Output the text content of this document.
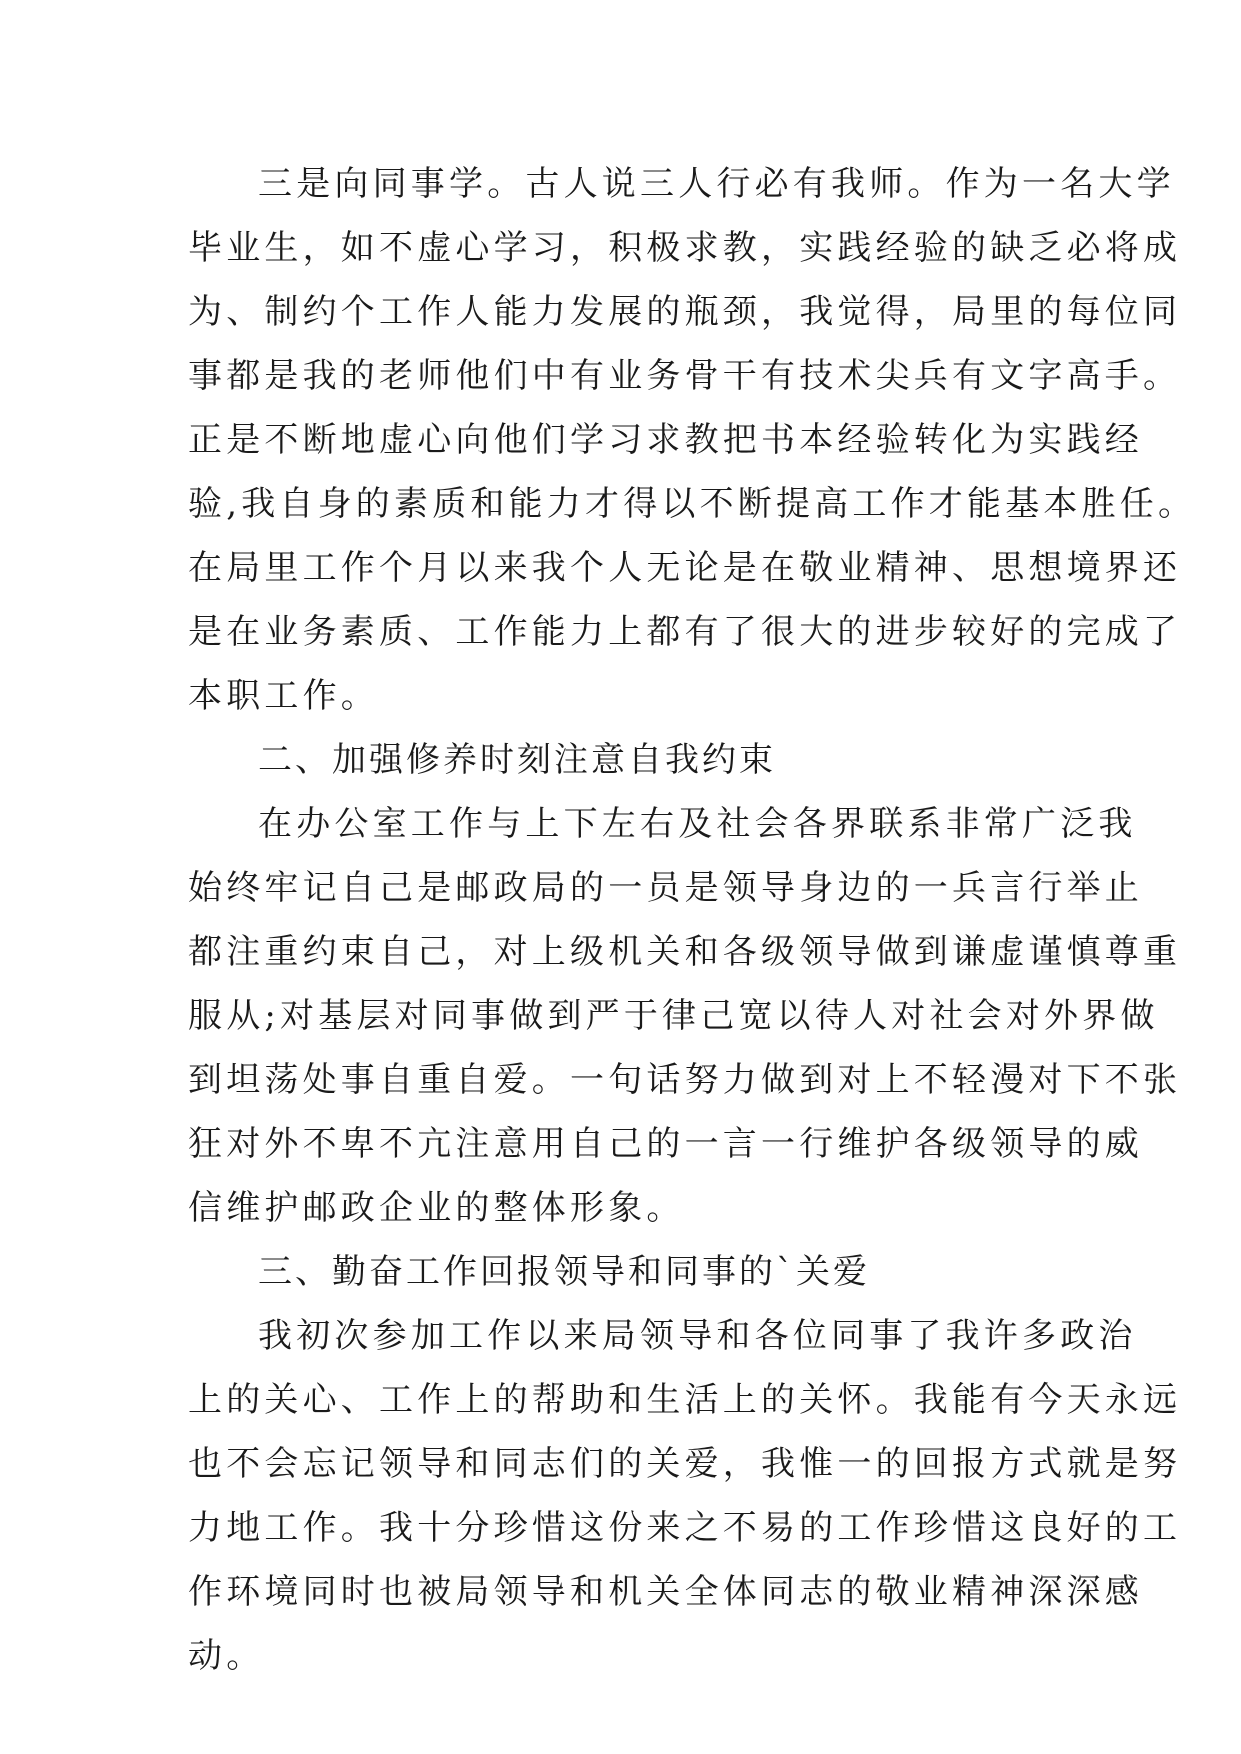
三是向同事学。古人说三人行必有我师。作为一名大学
毕业生，如不虚心学习，积极求教，实践经验的缺乏必将成
为、制约个工作人能力发展的瓶颈，我觉得，局里的每位同
事都是我的老师他们中有业务骨干有技术尖兵有文字高手。
正是不断地虚心向他们学习求教把书本经验转化为实践经
验,我自身的素质和能力才得以不断提高工作才能基本胜任。
在局里工作个月以来我个人无论是在敬业精神、思想境界还
是在业务素质、工作能力上都有了很大的进步较好的完成了
本职工作。
二、加强修养时刻注意自我约束
在办公室工作与上下左右及社会各界联系非常广泛我
始终牢记自己是邮政局的一员是领导身边的一兵言行举止
都注重约束自己，对上级机关和各级领导做到谦虚谨慎尊重
服从;对基层对同事做到严于律己宽以待人对社会对外界做
到坦荡处事自重自爱。一句话努力做到对上不轻漫对下不张
狂对外不卑不亢注意用自己的一言一行维护各级领导的威
信维护邮政企业的整体形象。
三、勤奋工作回报领导和同事的`关爱
我初次参加工作以来局领导和各位同事了我许多政治
上的关心、工作上的帮助和生活上的关怀。我能有今天永远
也不会忘记领导和同志们的关爱，我惟一的回报方式就是努
力地工作。我十分珍惜这份来之不易的工作珍惜这良好的工
作环境同时也被局领导和机关全体同志的敬业精神深深感
动。
